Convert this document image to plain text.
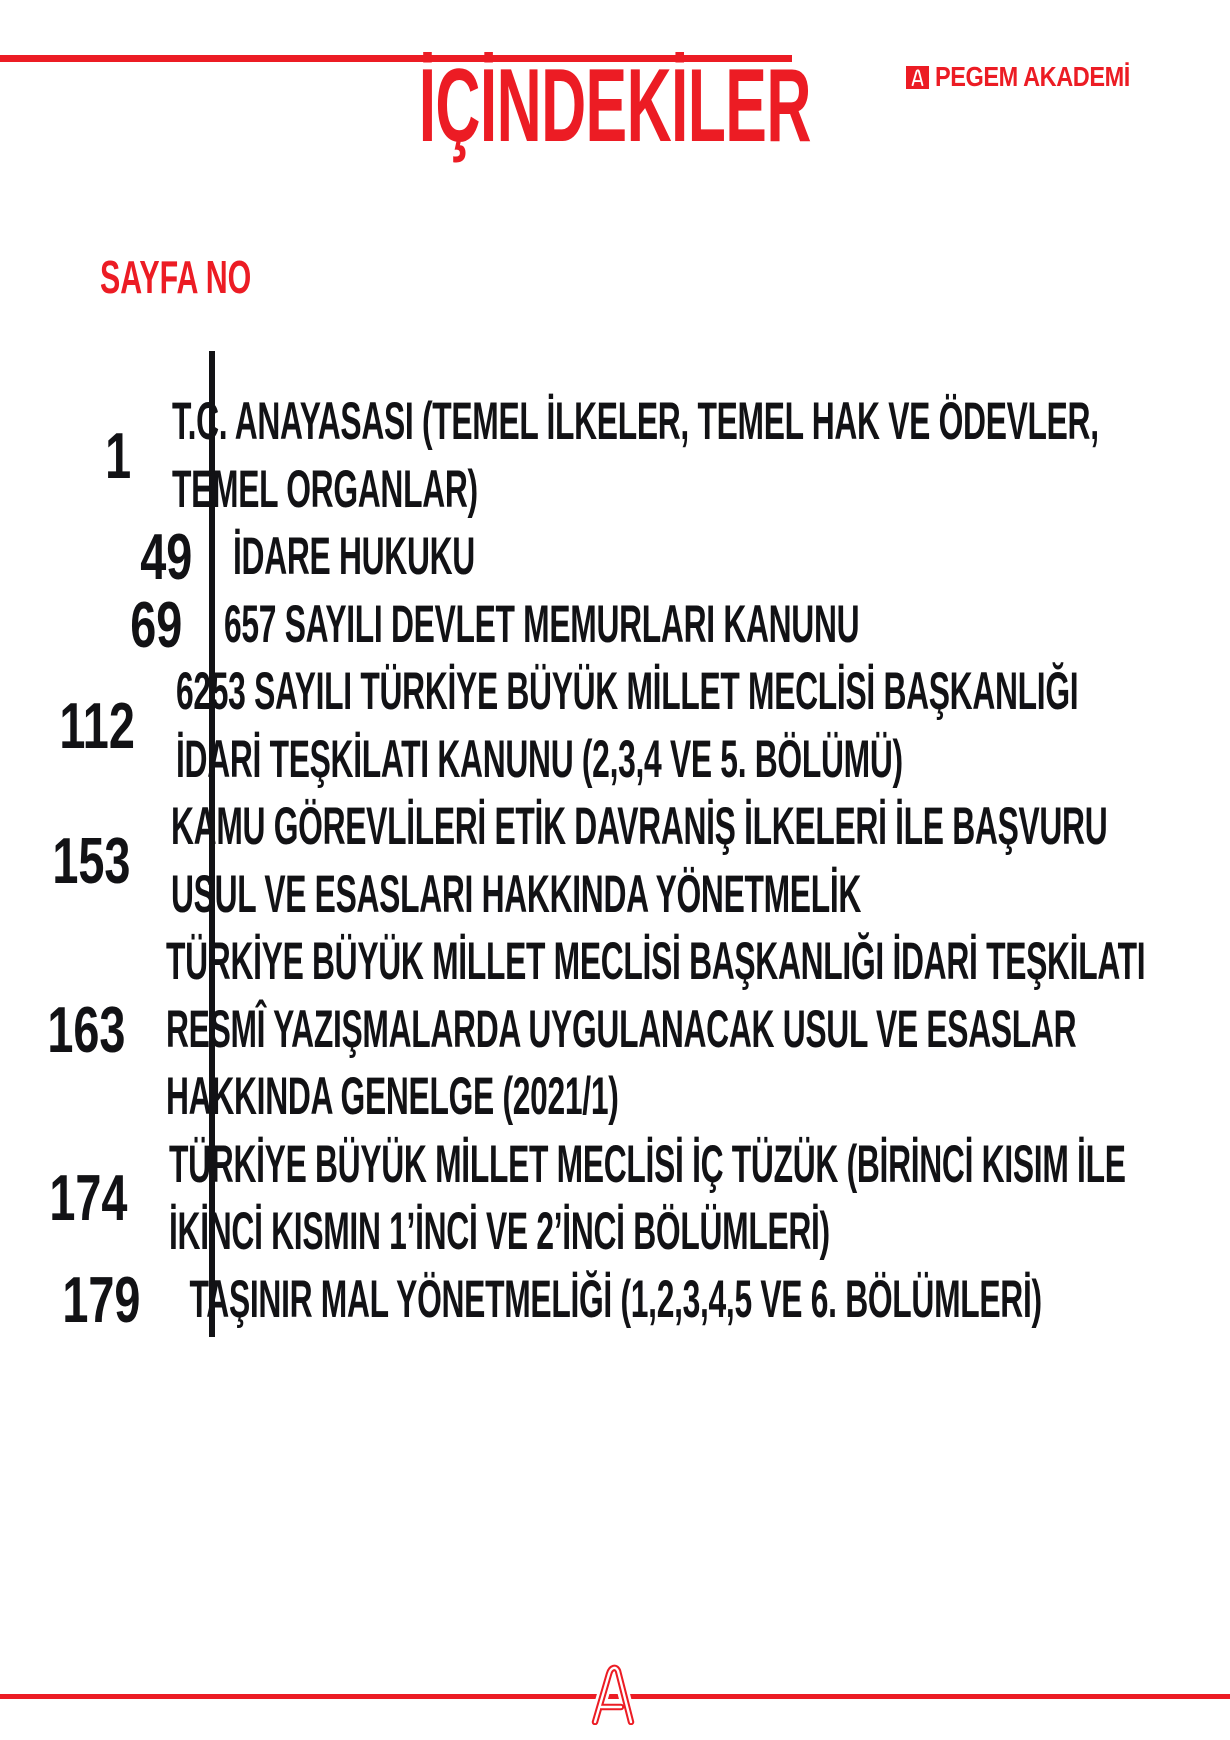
İÇİNDEKİLER	PEGEM AKADEMİ
SAYFA NO
1 T.C. ANAYASASI (TEMEL İLKELER, TEMEL HAK VE ÖDEVLER,
TEMEL ORGANLAR)
49 İDARE HUKUKU
69 657 SAYILI DEVLET MEMURLARI KANUNU
112 6253 SAYILI TÜRKİYE BÜYÜK MİLLET MECLİSİ BAŞKANLIĞI
İDARİ TEŞKİLATI KANUNU (2,3,4 VE 5. BÖLÜMÜ)
153 KAMU GÖREVLİLERİ ETİK DAVRANİŞ İLKELERİ İLE BAŞVURU
USUL VE ESASLARI HAKKINDA YÖNETMELİK
163
TÜRKİYE BÜYÜK MİLLET MECLİSİ BAŞKANLIĞI İDARİ TEŞKİLATI
RESMÎ YAZIŞMALARDA UYGULANACAK USUL VE ESASLAR
HAKKINDA GENELGE (2021/1)
174 TÜRKİYE BÜYÜK MİLLET MECLİSİ İÇ TÜZÜK (BİRİNCİ KISIM İLE
İKİNCİ KISMIN 1’İNCİ VE 2’İNCİ BÖLÜMLERİ)
179 TAŞINIR MAL YÖNETMELİĞİ (1,2,3,4,5 VE 6. BÖLÜMLERİ)
